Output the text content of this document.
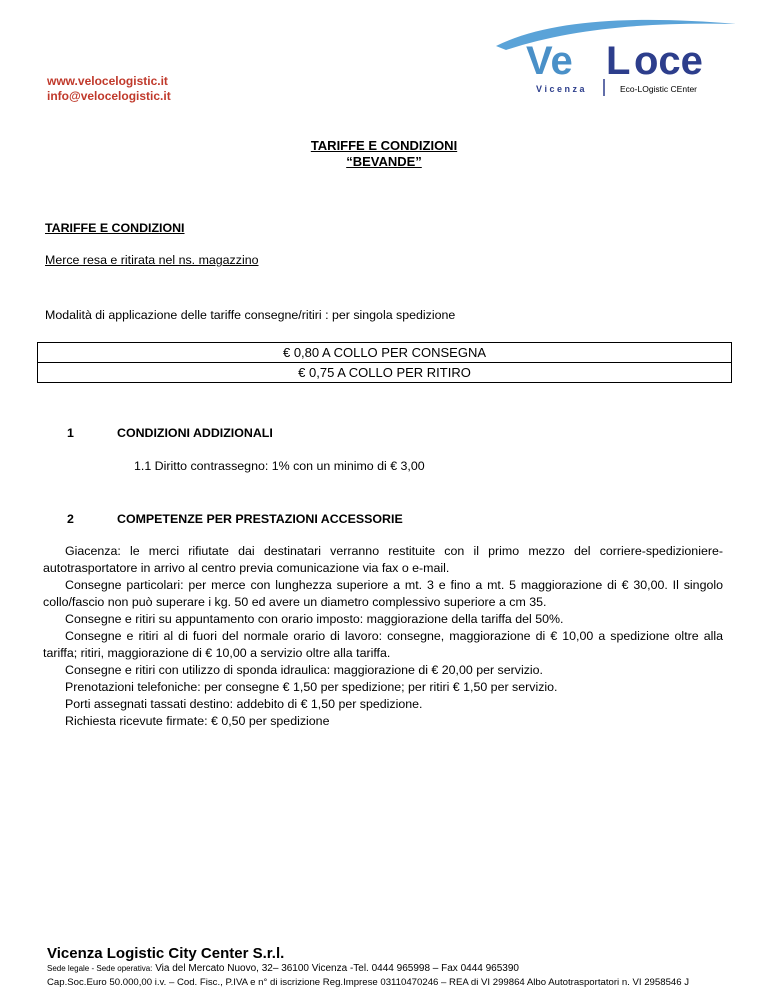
www.velocelogistic.it
info@velocelogistic.it
Ve L oce
V i c e n z a	Eco-LOgistic CEnter
TARIFFE E CONDIZIONI
“BEVANDE”
TARIFFE E CONDIZIONI
Merce resa e ritirata nel ns. magazzino
Modalità di applicazione delle tariffe consegne/ritiri : per singola spedizione
€ 0,80 A COLLO PER CONSEGNA
€ 0,75 A COLLO PER RITIRO
1	CONDIZIONI ADDIZIONALI
1.1 Diritto contrassegno: 1% con un minimo di € 3,00
2	COMPETENZE PER PRESTAZIONI ACCESSORIE

Giacenza: le merci rifiutate dai destinatari verranno restituite con il primo mezzo del corriere-spedizioniere-autotrasportatore in arrivo al centro previa comunicazione via fax o e-mail.

Consegne particolari: per merce con lunghezza superiore a mt. 3 e fino a mt. 5 maggiorazione di € 30,00. Il singolo collo/fascio non può superare i kg. 50 ed avere un diametro complessivo superiore a cm 35.

Consegne e ritiri su appuntamento con orario imposto: maggiorazione della tariffa del 50%.

Consegne e ritiri al di fuori del normale orario di lavoro: consegne, maggiorazione di € 10,00 a spedizione oltre alla tariffa; ritiri, maggiorazione di € 10,00 a servizio oltre alla tariffa.

Consegne e ritiri con utilizzo di sponda idraulica: maggiorazione di € 20,00 per servizio.

Prenotazioni telefoniche: per consegne € 1,50 per spedizione; per ritiri € 1,50 per servizio.

Porti assegnati tassati destino: addebito di € 1,50 per spedizione.

Richiesta ricevute firmate: € 0,50 per spedizione

Vicenza Logistic City Center S.r.l.
Sede legale - Sede operativa: Via del Mercato Nuovo, 32– 36100 Vicenza -Tel. 0444 965998 – Fax 0444 965390
Cap.Soc.Euro 50.000,00 i.v. – Cod. Fisc., P.IVA e n° di iscrizione Reg.Imprese 03110470246 – REA di VI 299864 Albo Autotrasportatori n. VI 2958546 J
